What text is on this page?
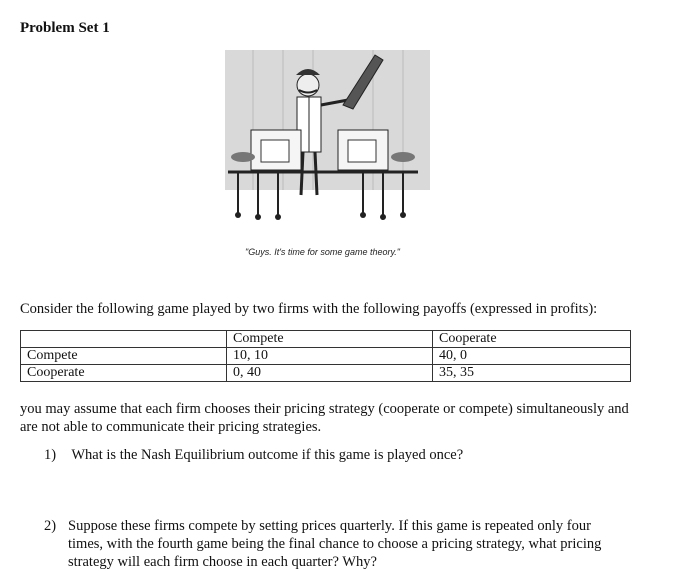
Problem Set 1
"Guys. It's time for some game theory."
Consider the following game played by two firms with the following payoffs (expressed in profits):
	Compete	Cooperate
Compete	10, 10	40, 0
Cooperate	0, 40	35, 35
you may assume that each firm chooses their pricing strategy (cooperate or compete) simultaneously and are not able to communicate their pricing strategies.
1) What is the Nash Equilibrium outcome if this game is played once?
2) Suppose these firms compete by setting prices quarterly. If this game is repeated only four times, with the fourth game being the final chance to choose a pricing strategy, what pricing strategy will each firm choose in each quarter? Why?
